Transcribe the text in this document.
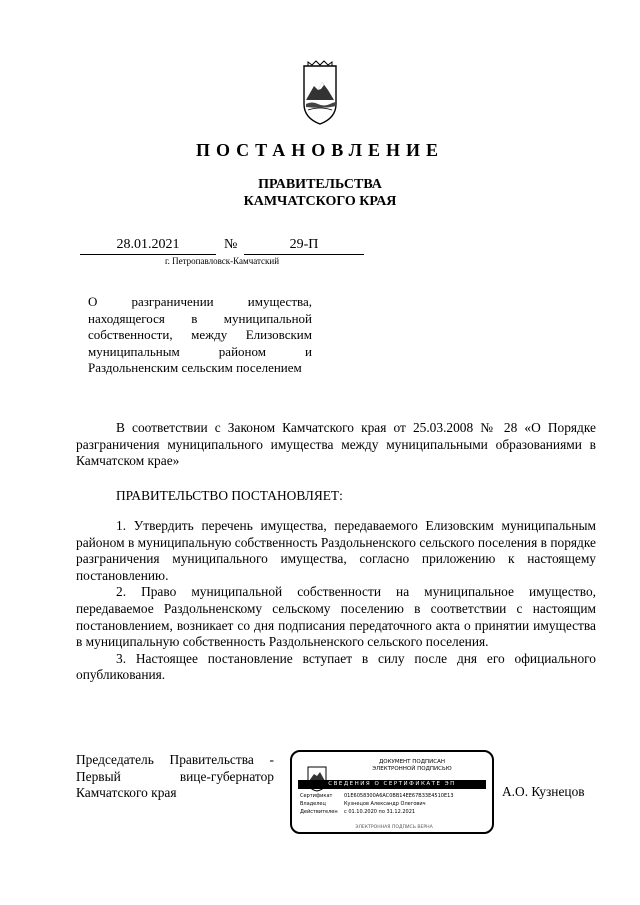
ПОСТАНОВЛЕНИЕ
ПРАВИТЕЛЬСТВА
КАМЧАТСКОГО КРАЯ
28.01.2021	№	29-П
г. Петропавловск-Камчатский
О разграничении имущества, находящегося в муниципальной собственности, между Елизовским муниципальным районом и Раздольненским сельским поселением
В соответствии с Законом Камчатского края от 25.03.2008 № 28 «О Порядке разграничения муниципального имущества между муниципальными образованиями в Камчатском крае»
ПРАВИТЕЛЬСТВО ПОСТАНОВЛЯЕТ:

1. Утвердить перечень имущества, передаваемого Елизовским муниципальным районом в муниципальную собственность Раздольненского сельского поселения в порядке разграничения муниципального имущества, согласно приложению к настоящему постановлению.

2. Право муниципальной собственности на муниципальное имущество, передаваемое Раздольненскому сельскому поселению в соответствии с настоящим постановлением, возникает со дня подписания передаточного акта о принятии имущества в муниципальную собственность Раздольненского сельского поселения.

3. Настоящее постановление вступает в силу после дня его официального опубликования.

Председатель Правительства -
Первый вице-губернатор
Камчатского края
ДОКУМЕНТ ПОДПИСАН
ЭЛЕКТРОННОЙ ПОДПИСЬЮ
СВЕДЕНИЯ О СЕРТИФИКАТЕ ЭП
Сертификат	01E6058300A6AC0BB14EE67B33E4510E13
Владелец	Кузнецов Александр Олегович
Действителен	с 01.10.2020 по 31.12.2021
ЭЛЕКТРОННАЯ ПОДПИСЬ ВЕРНА
А.О. Кузнецов
